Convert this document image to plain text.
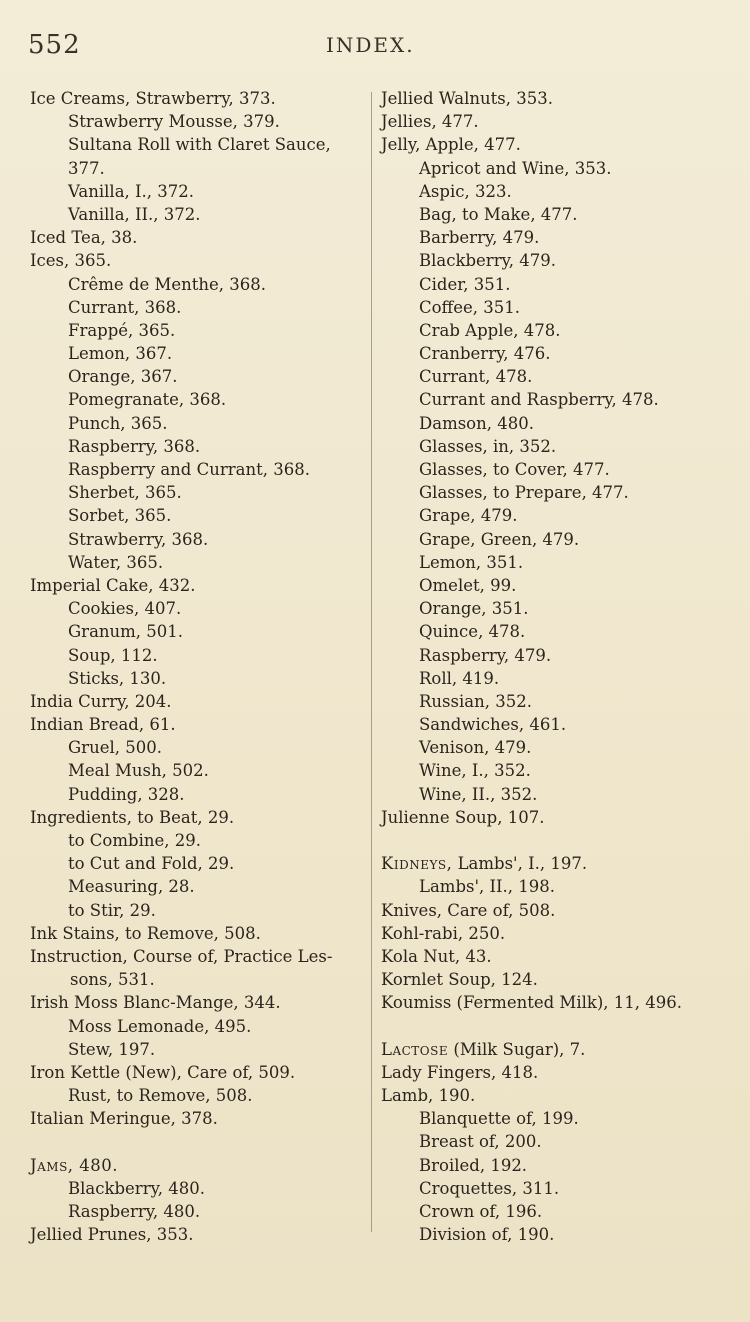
552	INDEX.
Ice Creams, Strawberry, 373.
Strawberry Mousse, 379.
Sultana Roll with Claret Sauce,
377.
Vanilla, I., 372.
Vanilla, II., 372.
Iced Tea, 38.
Ices, 365.
Crême de Menthe, 368.
Currant, 368.
Frappé, 365.
Lemon, 367.
Orange, 367.
Pomegranate, 368.
Punch, 365.
Raspberry, 368.
Raspberry and Currant, 368.
Sherbet, 365.
Sorbet, 365.
Strawberry, 368.
Water, 365.
Imperial Cake, 432.
Cookies, 407.
Granum, 501.
Soup, 112.
Sticks, 130.
India Curry, 204.
Indian Bread, 61.
Gruel, 500.
Meal Mush, 502.
Pudding, 328.
Ingredients, to Beat, 29.
to Combine, 29.
to Cut and Fold, 29.
Measuring, 28.
to Stir, 29.
Ink Stains, to Remove, 508.
Instruction, Course of, Practice Les-
sons, 531.
Irish Moss Blanc-Mange, 344.
Moss Lemonade, 495.
Stew, 197.
Iron Kettle (New), Care of, 509.
Rust, to Remove, 508.
Italian Meringue, 378.
Jams, 480.
Blackberry, 480.
Raspberry, 480.
Jellied Prunes, 353.
Jellied Walnuts, 353.
Jellies, 477.
Jelly, Apple, 477.
Apricot and Wine, 353.
Aspic, 323.
Bag, to Make, 477.
Barberry, 479.
Blackberry, 479.
Cider, 351.
Coffee, 351.
Crab Apple, 478.
Cranberry, 476.
Currant, 478.
Currant and Raspberry, 478.
Damson, 480.
Glasses, in, 352.
Glasses, to Cover, 477.
Glasses, to Prepare, 477.
Grape, 479.
Grape, Green, 479.
Lemon, 351.
Omelet, 99.
Orange, 351.
Quince, 478.
Raspberry, 479.
Roll, 419.
Russian, 352.
Sandwiches, 461.
Venison, 479.
Wine, I., 352.
Wine, II., 352.
Julienne Soup, 107.
Kidneys, Lambs', I., 197.
Lambs', II., 198.
Knives, Care of, 508.
Kohl-rabi, 250.
Kola Nut, 43.
Kornlet Soup, 124.
Koumiss (Fermented Milk), 11, 496.
Lactose (Milk Sugar), 7.
Lady Fingers, 418.
Lamb, 190.
Blanquette of, 199.
Breast of, 200.
Broiled, 192.
Croquettes, 311.
Crown of, 196.
Division of, 190.
